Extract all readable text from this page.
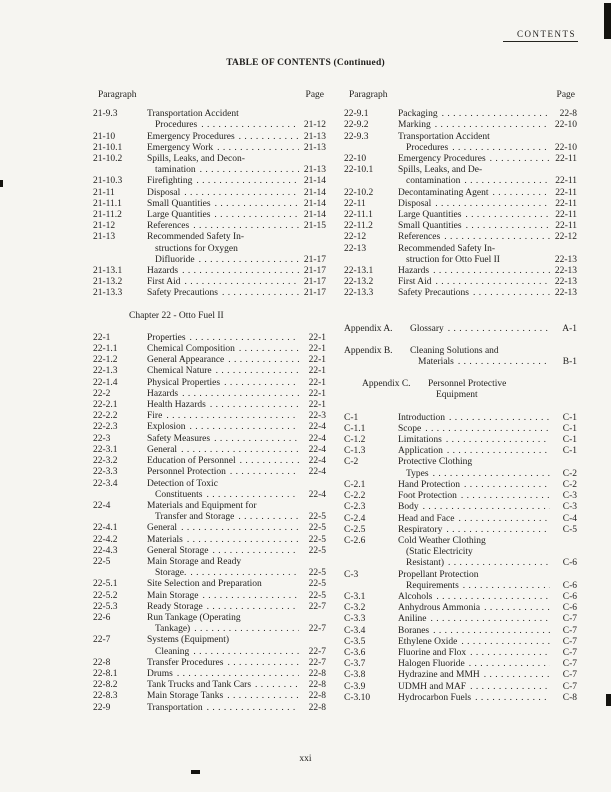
CONTENTS
TABLE OF CONTENTS (Continued)
Paragraph	Page	Paragraph	Page
21-9.3	Transportation Accident
Procedures . . .	21-12
21-10	Emergency Procedures . . .	21-13
21-10.1	Emergency Work . . .	21-13
21-10.2	Spills, Leaks, and Decon-
tamination . . .	21-13
21-10.3	Firefighting . . .	21-14
21-11	Disposal . . .	21-14
21-11.1	Small Quantities . . .	21-14
21-11.2	Large Quantities . . .	21-14
21-12	References . . .	21-15
21-13	Recommended Safety In-
structions for Oxygen
Difluoride . . .	21-17
21-13.1	Hazards . . .	21-17
21-13.2	First Aid . . .	21-17
21-13.3	Safety Precautions . . .	21-17
Chapter 22 - Otto Fuel II
22-1	Properties . . .	22-1
22-1.1	Chemical Composition . . .	22-1
22-1.2	General Appearance . . .	22-1
22-1.3	Chemical Nature . . .	22-1
22-1.4	Physical Properties . . .	22-1
22-2	Hazards . . .	22-1
22-2.1	Health Hazards . . .	22-1
22-2.2	Fire . . .	22-3
22-2.3	Explosion . . .	22-4
22-3	Safety Measures . . .	22-4
22-3.1	General . . .	22-4
22-3.2	Education of Personnel . . .	22-4
22-3.3	Personnel Protection . . .	22-4
22-3.4	Detection of Toxic
Constituents . . .	22-4
22-4	Materials and Equipment for
Transfer and Storage . . .	22-5
22-4.1	General . . .	22-5
22-4.2	Materials . . .	22-5
22-4.3	General Storage . . .	22-5
22-5	Main Storage and Ready
Storage. . . .	22-5
22-5.1	Site Selection and Preparation	22-5
22-5.2	Main Storage . . .	22-5
22-5.3	Ready Storage . . .	22-7
22-6	Run Tankage (Operating
Tankage) . . .	22-7
22-7	Systems (Equipment)
Cleaning . . .	22-7
22-8	Transfer Procedures . . .	22-7
22-8.1	Drums . . .	22-8
22-8.2	Tank Trucks and Tank Cars . . .	22-8
22-8.3	Main Storage Tanks . . .	22-8
22-9	Transportation . . .	22-8
22-9.1	Packaging . . .	22-8
22-9.2	Marking . . .	22-10
22-9.3	Transportation Accident
Procedures . . .	22-10
22-10	Emergency Procedures . . .	22-11
22-10.1	Spills, Leaks, and De-
contamination . . .	22-11
22-10.2	Decontaminating Agent . . .	22-11
22-11	Disposal . . .	22-11
22-11.1	Large Quantities . . .	22-11
22-11.2	Small Quantities . . .	22-11
22-12	References . . .	22-12
22-13	Recommended Safety In-
struction for Otto Fuel II	22-13
22-13.1	Hazards . . .	22-13
22-13.2	First Aid . . .	22-13
22-13.3	Safety Precautions . . .	22-13
Appendix A.	Glossary . . .	A-1
Appendix B.	Cleaning Solutions and
Materials . . .	B-1
Appendix C.	Personnel Protective
Equipment
C-1	Introduction . . .	C-1
C-1.1	Scope . . .	C-1
C-1.2	Limitations . . .	C-1
C-1.3	Application . . .	C-1
C-2	Protective Clothing
Types . . .	C-2
C-2.1	Hand Protection . . .	C-2
C-2.2	Foot Protection . . .	C-3
C-2.3	Body . . .	C-3
C-2.4	Head and Face . . .	C-4
C-2.5	Respiratory . . .	C-5
C-2.6	Cold Weather Clothing
(Static Electricity
Resistant) . . .	C-6
C-3	Propellant Protection
Requirements . . .	C-6
C-3.1	Alcohols . . .	C-6
C-3.2	Anhydrous Ammonia . . .	C-6
C-3.3	Aniline . . .	C-7
C-3.4	Boranes . . .	C-7
C-3.5	Ethylene Oxide . . .	C-7
C-3.6	Fluorine and Flox . . .	C-7
C-3.7	Halogen Fluoride . . .	C-7
C-3.8	Hydrazine and MMH . . .	C-7
C-3.9	UDMH and MAF . . .	C-7
C-3.10	Hydrocarbon Fuels . . .	C-8
xxi
